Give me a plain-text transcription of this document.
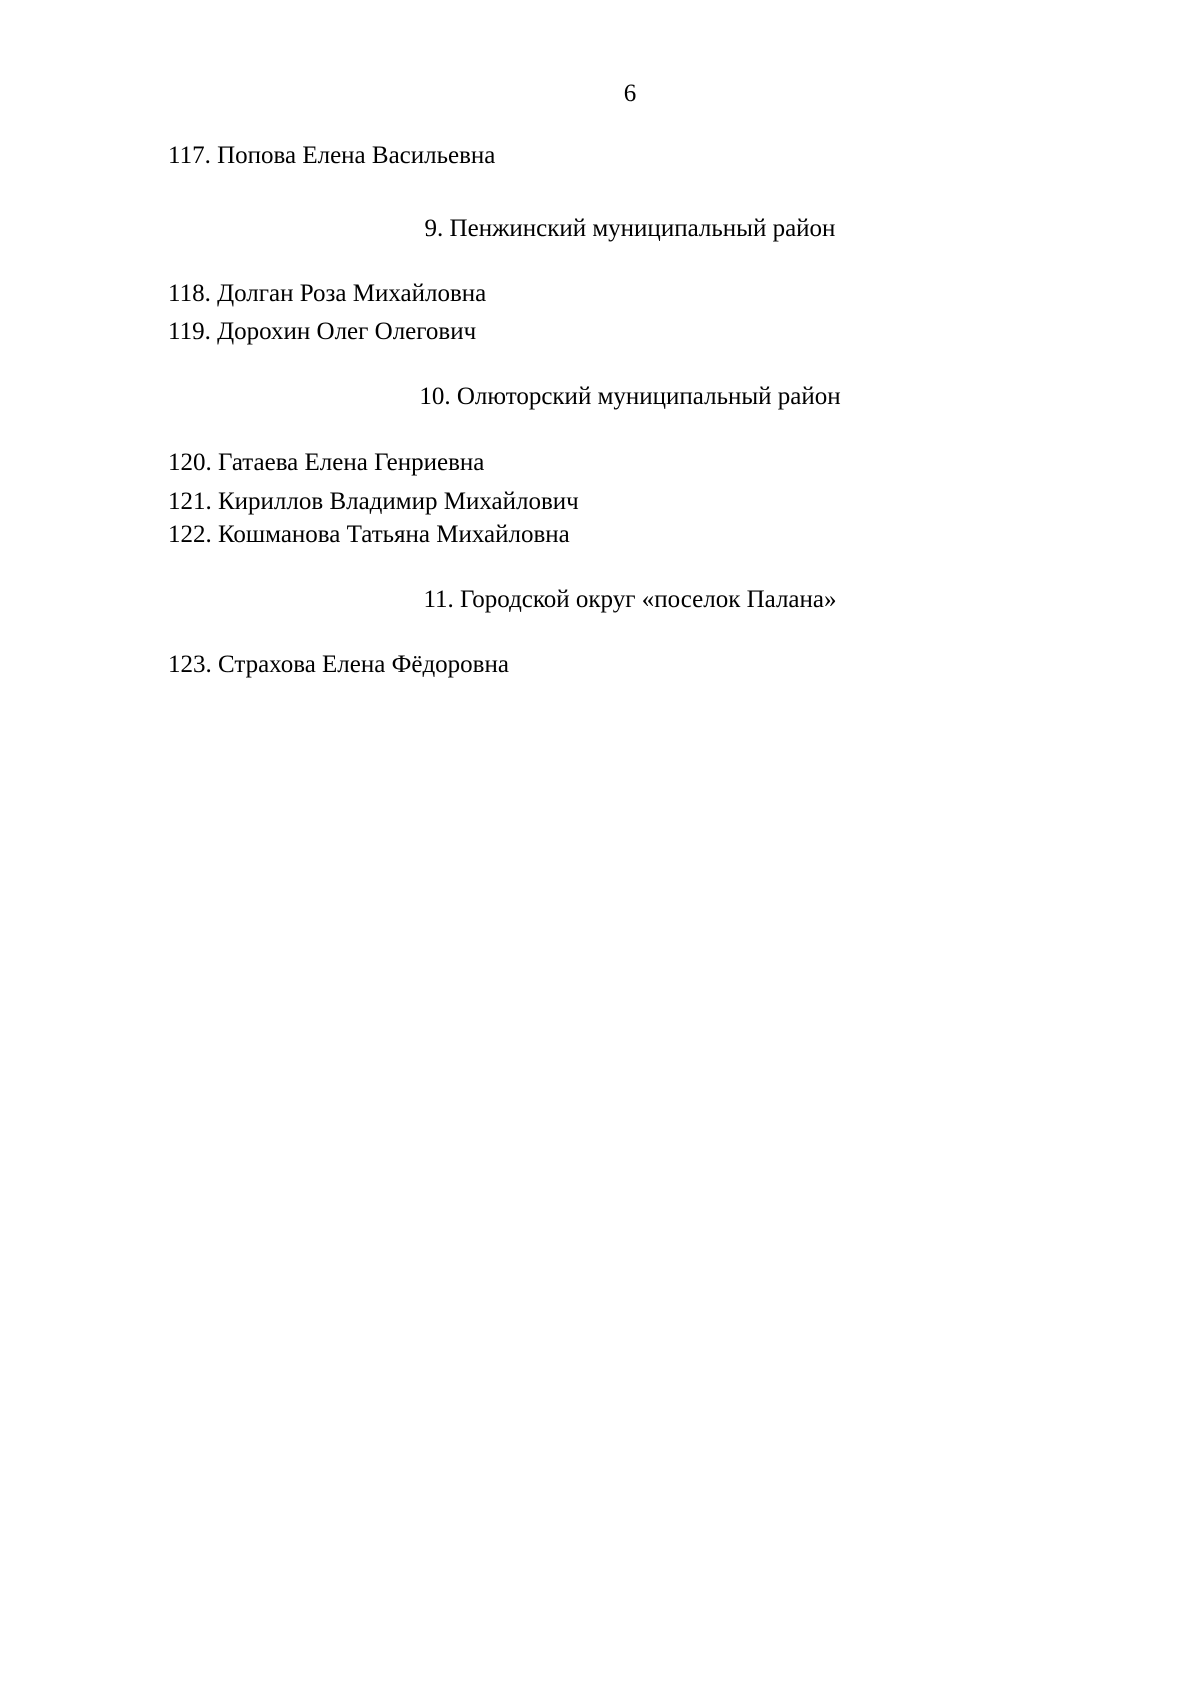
6
117. Попова Елена Васильевна
9. Пенжинский муниципальный район
118. Долган Роза Михайловна
119. Дорохин Олег Олегович
10. Олюторский муниципальный район
120. Гатаева Елена Генриевна
121. Кириллов Владимир Михайлович
122. Кошманова Татьяна Михайловна
11. Городской округ «поселок Палана»
123. Страхова Елена Фёдоровна
